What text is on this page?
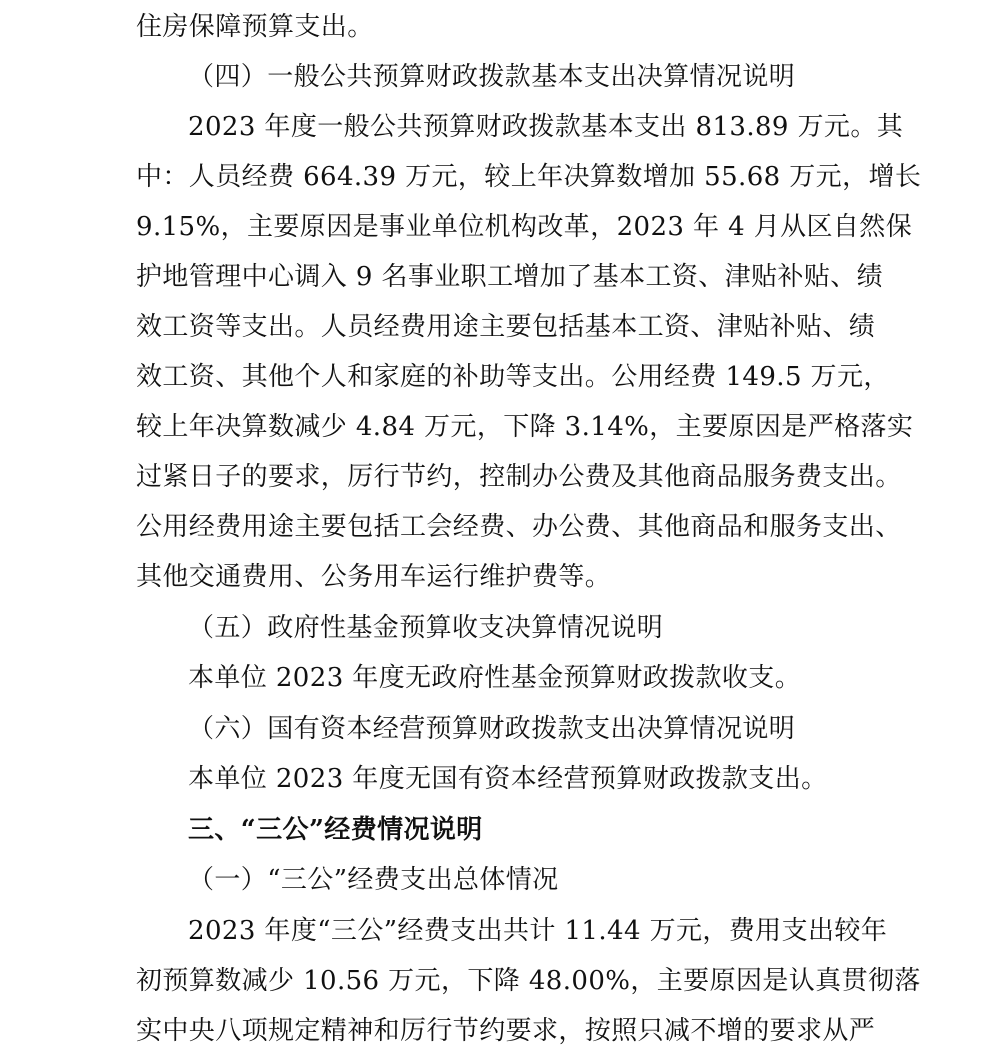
住房保障预算支出。
（四）一般公共预算财政拨款基本支出决算情况说明
2023 年度一般公共预算财政拨款基本支出 813.89 万元。其
中：人员经费 664.39 万元，较上年决算数增加 55.68 万元，增长
9.15%，主要原因是事业单位机构改革，2023 年 4 月从区自然保
护地管理中心调入 9 名事业职工增加了基本工资、津贴补贴、绩
效工资等支出。人员经费用途主要包括基本工资、津贴补贴、绩
效工资、其他个人和家庭的补助等支出。公用经费 149.5 万元，
较上年决算数减少 4.84 万元，下降 3.14%，主要原因是严格落实
过紧日子的要求，厉行节约，控制办公费及其他商品服务费支出。
公用经费用途主要包括工会经费、办公费、其他商品和服务支出、
其他交通费用、公务用车运行维护费等。
（五）政府性基金预算收支决算情况说明
本单位 2023 年度无政府性基金预算财政拨款收支。
（六）国有资本经营预算财政拨款支出决算情况说明
本单位 2023 年度无国有资本经营预算财政拨款支出。
三、“三公”经费情况说明
（一）“三公”经费支出总体情况
2023 年度“三公”经费支出共计 11.44 万元，费用支出较年
初预算数减少 10.56 万元，下降 48.00%，主要原因是认真贯彻落
实中央八项规定精神和厉行节约要求，按照只减不增的要求从严
